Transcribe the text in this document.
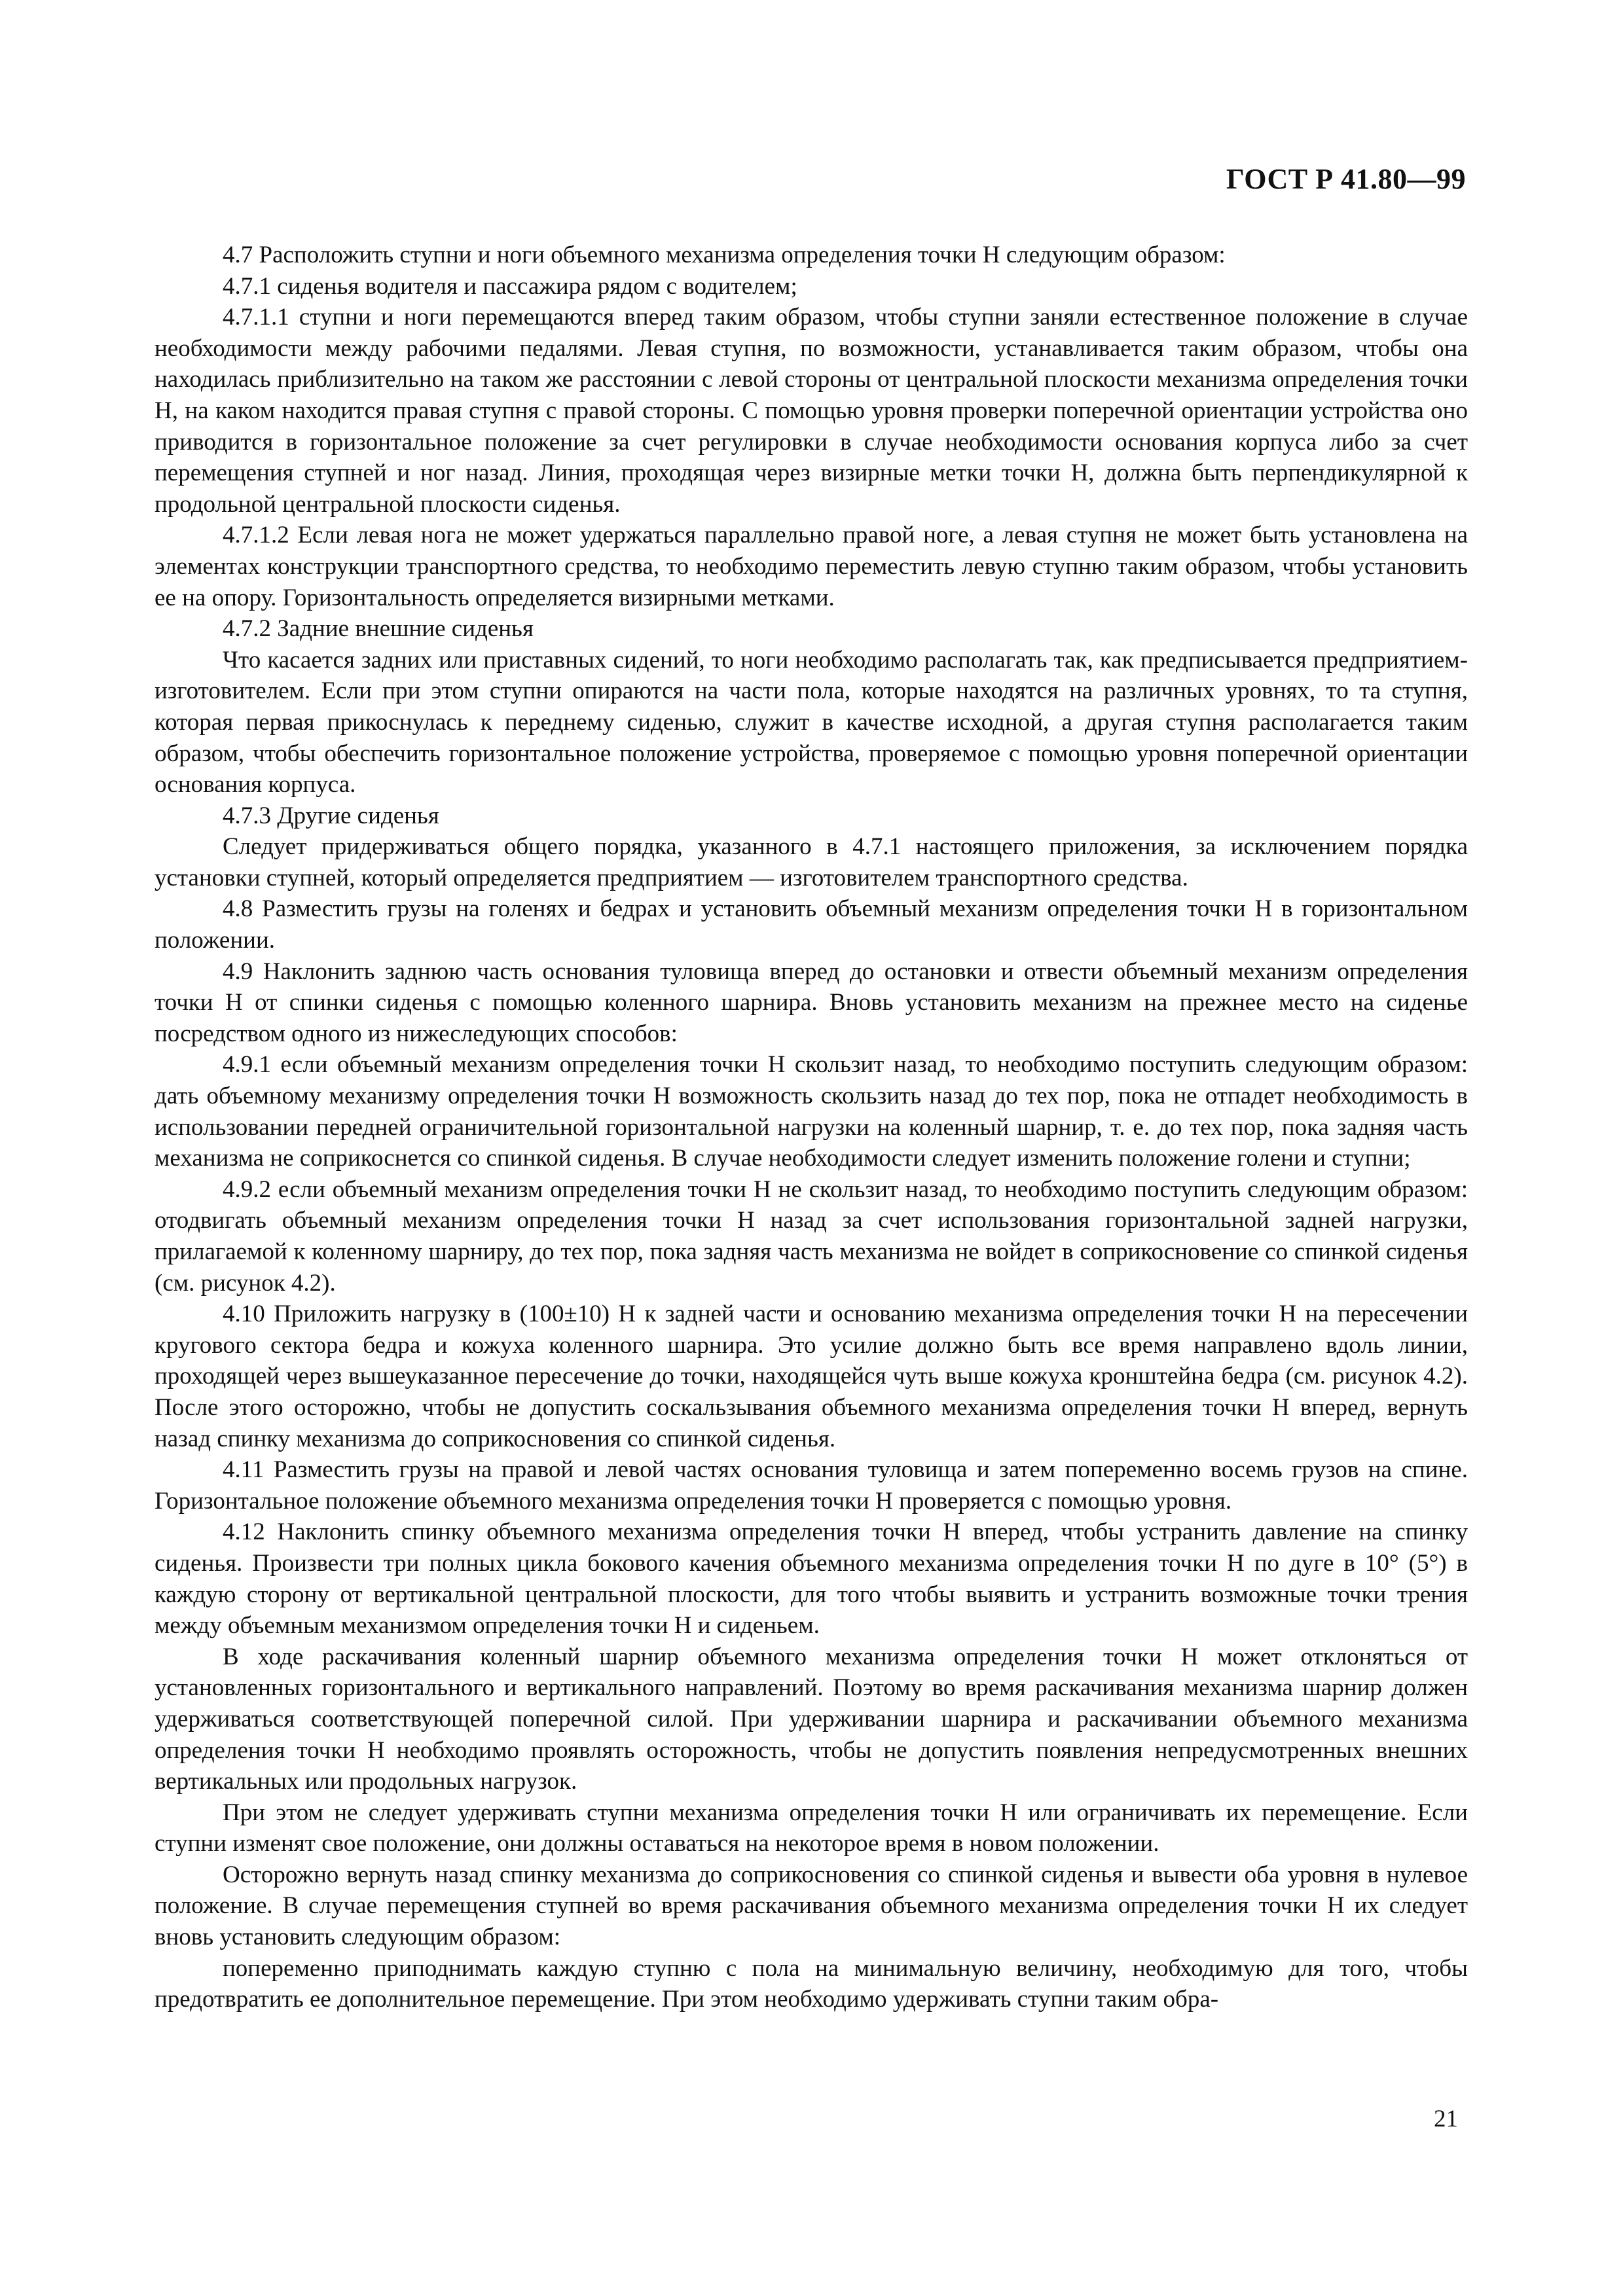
ГОСТ Р 41.80—99

4.7 Расположить ступни и ноги объемного механизма определения точки H следующим образом:

4.7.1 сиденья водителя и пассажира рядом с водителем;

4.7.1.1 ступни и ноги перемещаются вперед таким образом, чтобы ступни заняли естественное положение в случае необходимости между рабочими педалями. Левая ступня, по возможности, устанавливается таким образом, чтобы она находилась приблизительно на таком же расстоянии с левой стороны от центральной плоскости механизма определения точки H, на каком находится правая ступня с правой стороны. С помощью уровня проверки поперечной ориентации устройства оно приводится в горизонтальное положение за счет регулировки в случае необходимости основания корпуса либо за счет перемещения ступней и ног назад. Линия, проходящая через визирные метки точки H, должна быть перпендикулярной к продольной центральной плоскости сиденья.

4.7.1.2 Если левая нога не может удержаться параллельно правой ноге, а левая ступня не может быть установлена на элементах конструкции транспортного средства, то необходимо переместить левую ступню таким образом, чтобы установить ее на опору. Горизонтальность определяется визирными метками.

4.7.2 Задние внешние сиденья

Что касается задних или приставных сидений, то ноги необходимо располагать так, как предписывается предприятием-изготовителем. Если при этом ступни опираются на части пола, которые находятся на различных уровнях, то та ступня, которая первая прикоснулась к переднему сиденью, служит в качестве исходной, а другая ступня располагается таким образом, чтобы обеспечить горизонтальное положение устройства, проверяемое с помощью уровня поперечной ориентации основания корпуса.

4.7.3 Другие сиденья

Следует придерживаться общего порядка, указанного в 4.7.1 настоящего приложения, за исключением порядка установки ступней, который определяется предприятием — изготовителем транспортного средства.

4.8 Разместить грузы на голенях и бедрах и установить объемный механизм определения точки H в горизонтальном положении.

4.9 Наклонить заднюю часть основания туловища вперед до остановки и отвести объемный механизм определения точки H от спинки сиденья с помощью коленного шарнира. Вновь установить механизм на прежнее место на сиденье посредством одного из нижеследующих способов:

4.9.1 если объемный механизм определения точки H скользит назад, то необходимо поступить следующим образом: дать объемному механизму определения точки H возможность скользить назад до тех пор, пока не отпадет необходимость в использовании передней ограничительной горизонтальной нагрузки на коленный шарнир, т. е. до тех пор, пока задняя часть механизма не соприкоснется со спинкой сиденья. В случае необходимости следует изменить положение голени и ступни;

4.9.2 если объемный механизм определения точки H не скользит назад, то необходимо поступить следующим образом: отодвигать объемный механизм определения точки H назад за счет использования горизонтальной задней нагрузки, прилагаемой к коленному шарниру, до тех пор, пока задняя часть механизма не войдет в соприкосновение со спинкой сиденья (см. рисунок 4.2).

4.10 Приложить нагрузку в (100±10) H к задней части и основанию механизма определения точки H на пересечении кругового сектора бедра и кожуха коленного шарнира. Это усилие должно быть все время направлено вдоль линии, проходящей через вышеуказанное пересечение до точки, находящейся чуть выше кожуха кронштейна бедра (см. рисунок 4.2). После этого осторожно, чтобы не допустить соскальзывания объемного механизма определения точки H вперед, вернуть назад спинку механизма до соприкосновения со спинкой сиденья.

4.11 Разместить грузы на правой и левой частях основания туловища и затем попеременно восемь грузов на спине. Горизонтальное положение объемного механизма определения точки H проверяется с помощью уровня.

4.12 Наклонить спинку объемного механизма определения точки H вперед, чтобы устранить давление на спинку сиденья. Произвести три полных цикла бокового качения объемного механизма определения точки H по дуге в 10° (5°) в каждую сторону от вертикальной центральной плоскости, для того чтобы выявить и устранить возможные точки трения между объемным механизмом определения точки H и сиденьем.

В ходе раскачивания коленный шарнир объемного механизма определения точки H может отклоняться от установленных горизонтального и вертикального направлений. Поэтому во время раскачивания механизма шарнир должен удерживаться соответствующей поперечной силой. При удерживании шарнира и раскачивании объемного механизма определения точки H необходимо проявлять осторожность, чтобы не допустить появления непредусмотренных внешних вертикальных или продольных нагрузок.

При этом не следует удерживать ступни механизма определения точки H или ограничивать их перемещение. Если ступни изменят свое положение, они должны оставаться на некоторое время в новом положении.

Осторожно вернуть назад спинку механизма до соприкосновения со спинкой сиденья и вывести оба уровня в нулевое положение. В случае перемещения ступней во время раскачивания объемного механизма определения точки H их следует вновь установить следующим образом:

попеременно приподнимать каждую ступню с пола на минимальную величину, необходимую для того, чтобы предотвратить ее дополнительное перемещение. При этом необходимо удерживать ступни таким обра-

21
